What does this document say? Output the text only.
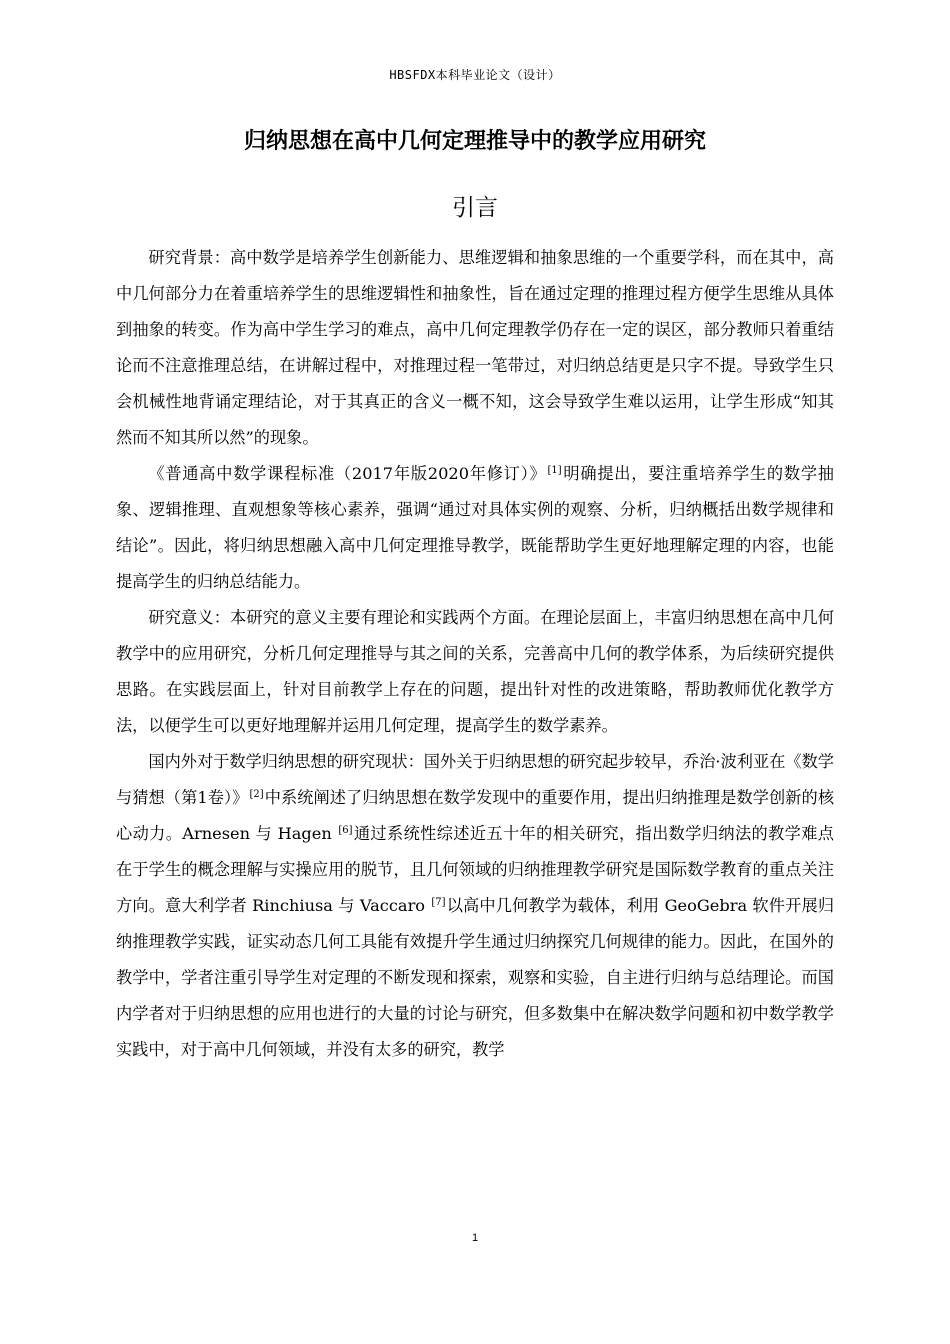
HBSFDX本科毕业论文（设计）
归纳思想在高中几何定理推导中的教学应用研究
引言

研究背景：高中数学是培养学生创新能力、思维逻辑和抽象思维的一个重要学科，而在其中，高中几何部分力在着重培养学生的思维逻辑性和抽象性，旨在通过定理的推理过程方便学生思维从具体到抽象的转变。作为高中学生学习的难点，高中几何定理教学仍存在一定的误区，部分教师只着重结论而不注意推理总结，在讲解过程中，对推理过程一笔带过，对归纳总结更是只字不提。导致学生只会机械性地背诵定理结论，对于其真正的含义一概不知，这会导致学生难以运用，让学生形成“知其然而不知其所以然”的现象。

《普通高中数学课程标准（2017年版2020年修订）》[1]明确提出，要注重培养学生的数学抽象、逻辑推理、直观想象等核心素养，强调“通过对具体实例的观察、分析，归纳概括出数学规律和结论”。因此，将归纳思想融入高中几何定理推导教学，既能帮助学生更好地理解定理的内容，也能提高学生的归纳总结能力。

研究意义：本研究的意义主要有理论和实践两个方面。在理论层面上，丰富归纳思想在高中几何教学中的应用研究，分析几何定理推导与其之间的关系，完善高中几何的教学体系，为后续研究提供思路。在实践层面上，针对目前教学上存在的问题，提出针对性的改进策略，帮助教师优化教学方法，以便学生可以更好地理解并运用几何定理，提高学生的数学素养。

国内外对于数学归纳思想的研究现状：国外关于归纳思想的研究起步较早，乔治·波利亚在《数学与猜想（第1卷）》[2]中系统阐述了归纳思想在数学发现中的重要作用，提出归纳推理是数学创新的核心动力。Arnesen 与 Hagen [6]通过系统性综述近五十年的相关研究，指出数学归纳法的教学难点在于学生的概念理解与实操应用的脱节，且几何领域的归纳推理教学研究是国际数学教育的重点关注方向。意大利学者 Rinchiusa 与 Vaccaro [7]以高中几何教学为载体，利用 GeoGebra 软件开展归纳推理教学实践，证实动态几何工具能有效提升学生通过归纳探究几何规律的能力。因此，在国外的教学中，学者注重引导学生对定理的不断发现和探索，观察和实验，自主进行归纳与总结理论。而国内学者对于归纳思想的应用也进行的大量的讨论与研究，但多数集中在解决数学问题和初中数学教学实践中，对于高中几何领域，并没有太多的研究，教学

1
